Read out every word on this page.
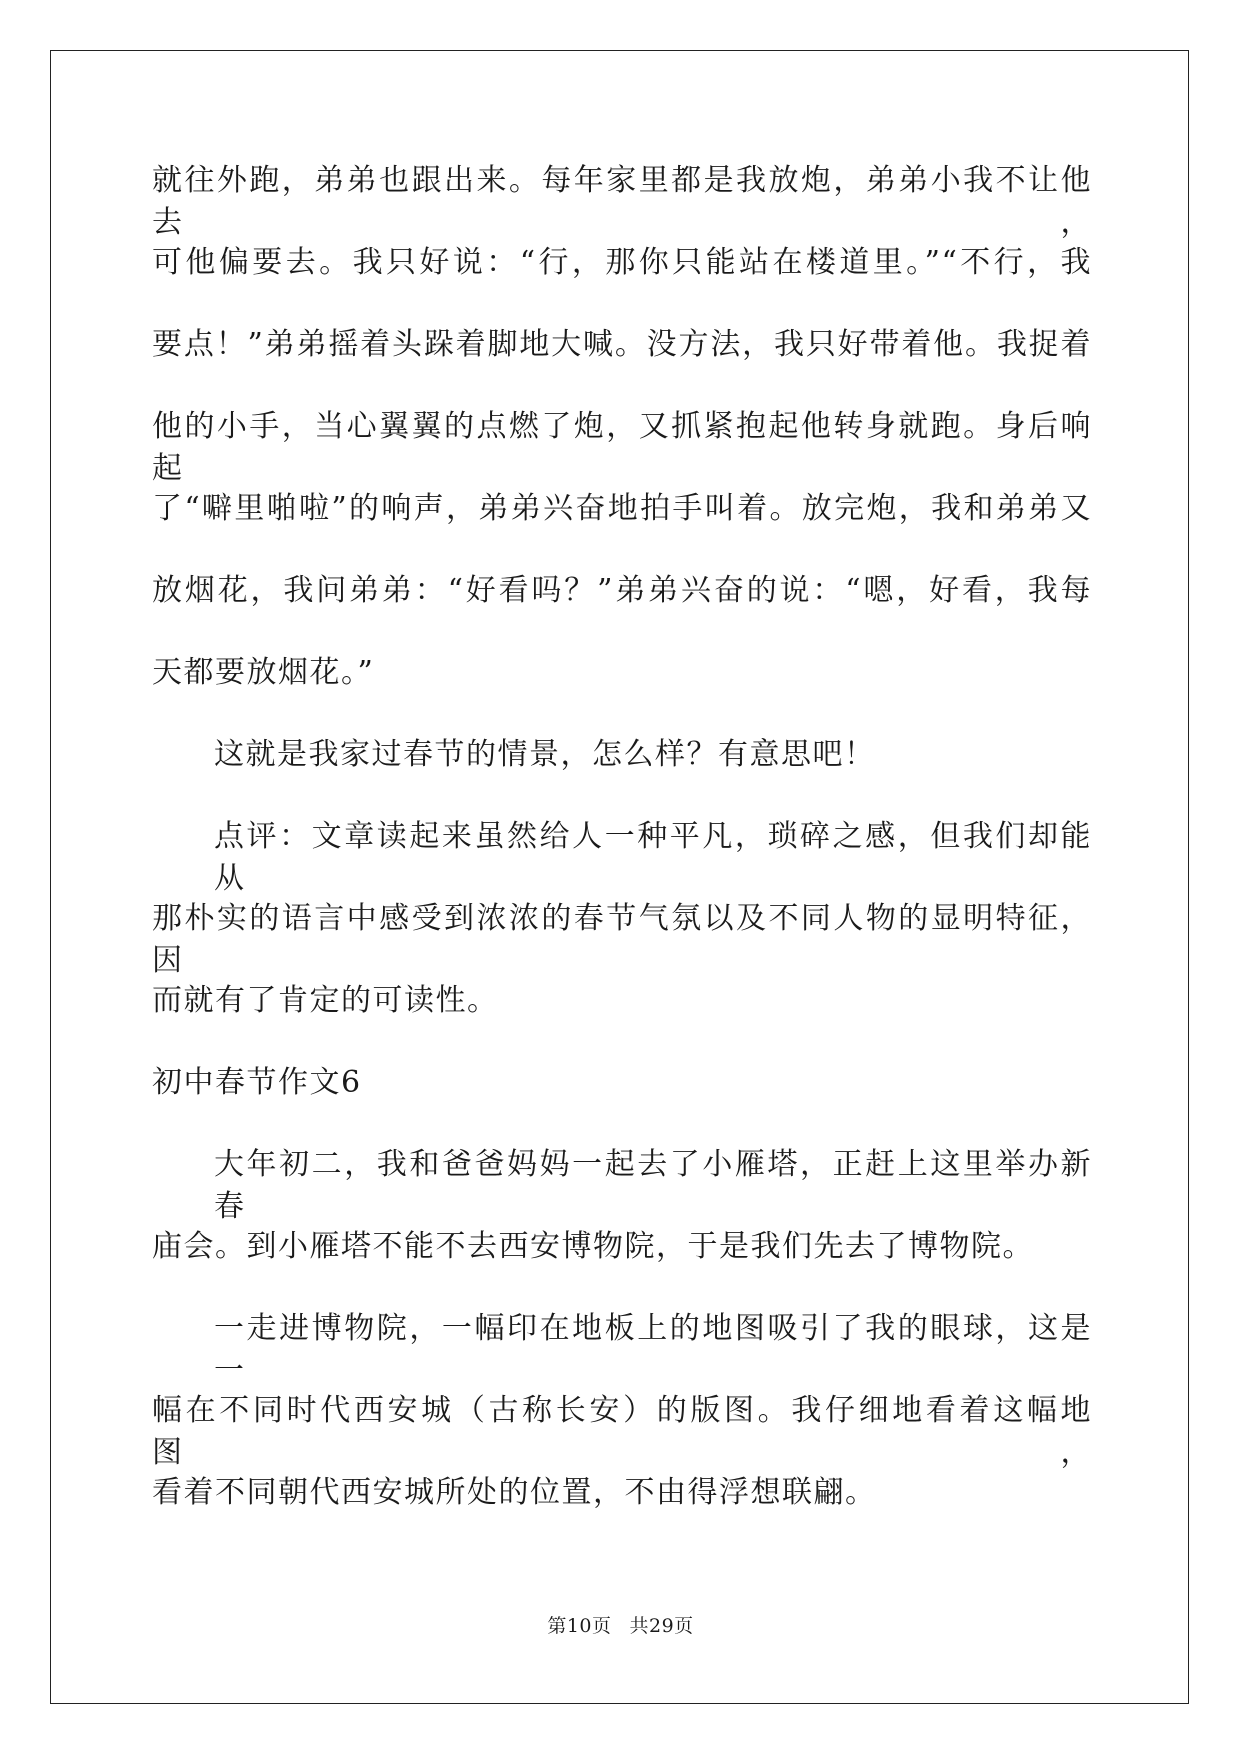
就往外跑，弟弟也跟出来。每年家里都是我放炮，弟弟小我不让他去，
可他偏要去。我只好说：“行，那你只能站在楼道里。”“不行，我
要点！”弟弟摇着头跺着脚地大喊。没方法，我只好带着他。我捉着
他的小手，当心翼翼的点燃了炮，又抓紧抱起他转身就跑。身后响起
了“噼里啪啦”的响声，弟弟兴奋地拍手叫着。放完炮，我和弟弟又
放烟花，我问弟弟：“好看吗？”弟弟兴奋的说：“嗯，好看，我每
天都要放烟花。”
这就是我家过春节的情景，怎么样？有意思吧！
点评：文章读起来虽然给人一种平凡，琐碎之感，但我们却能从
那朴实的语言中感受到浓浓的春节气氛以及不同人物的显明特征，因
而就有了肯定的可读性。
初中春节作文6
大年初二，我和爸爸妈妈一起去了小雁塔，正赶上这里举办新春
庙会。到小雁塔不能不去西安博物院，于是我们先去了博物院。
一走进博物院，一幅印在地板上的地图吸引了我的眼球，这是一
幅在不同时代西安城（古称长安）的版图。我仔细地看着这幅地图，
看着不同朝代西安城所处的位置，不由得浮想联翩。
第10页 共29页
